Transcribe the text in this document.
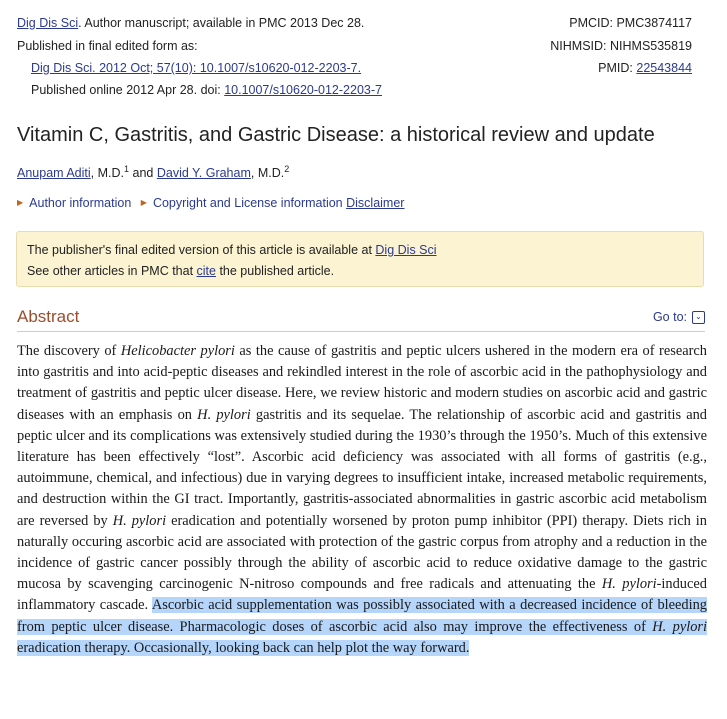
Dig Dis Sci. Author manuscript; available in PMC 2013 Dec 28.
Published in final edited form as:
Dig Dis Sci. 2012 Oct; 57(10): 10.1007/s10620-012-2203-7.
Published online 2012 Apr 28. doi: 10.1007/s10620-012-2203-7
PMCID: PMC3874117
NIHMSID: NIHMS535819
PMID: 22543844
Vitamin C, Gastritis, and Gastric Disease: a historical review and update
Anupam Aditi, M.D.$^1$ and David Y. Graham, M.D.$^2$
▶ Author information ▶ Copyright and License information Disclaimer
The publisher's final edited version of this article is available at Dig Dis Sci
See other articles in PMC that cite the published article.
Abstract	Go to:	⌄

The discovery of Helicobacter pylori as the cause of gastritis and peptic ulcers ushered in the modern era of research into gastritis and into acid-peptic diseases and rekindled interest in the role of ascorbic acid in the pathophysiology and treatment of gastritis and peptic ulcer disease. Here, we review historic and modern studies on ascorbic acid and gastric diseases with an emphasis on H. pylori gastritis and its sequelae. The relationship of ascorbic acid and gastritis and peptic ulcer and its complications was extensively studied during the 1930’s through the 1950’s. Much of this extensive literature has been effectively “lost”. Ascorbic acid deficiency was associated with all forms of gastritis (e.g., autoimmune, chemical, and infectious) due in varying degrees to insufficient intake, increased metabolic requirements, and destruction within the GI tract. Importantly, gastritis-associated abnormalities in gastric ascorbic acid metabolism are reversed by H. pylori eradication and potentially worsened by proton pump inhibitor (PPI) therapy. Diets rich in naturally occuring ascorbic acid are associated with protection of the gastric corpus from atrophy and a reduction in the incidence of gastric cancer possibly through the ability of ascorbic acid to reduce oxidative damage to the gastric mucosa by scavenging carcinogenic N-nitroso compounds and free radicals and attenuating the H. pylori-induced inflammatory cascade. Ascorbic acid supplementation was possibly associated with a decreased incidence of bleeding from peptic ulcer disease. Pharmacologic doses of ascorbic acid also may improve the effectiveness of H. pylori eradication therapy. Occasionally, looking back can help plot the way forward.
